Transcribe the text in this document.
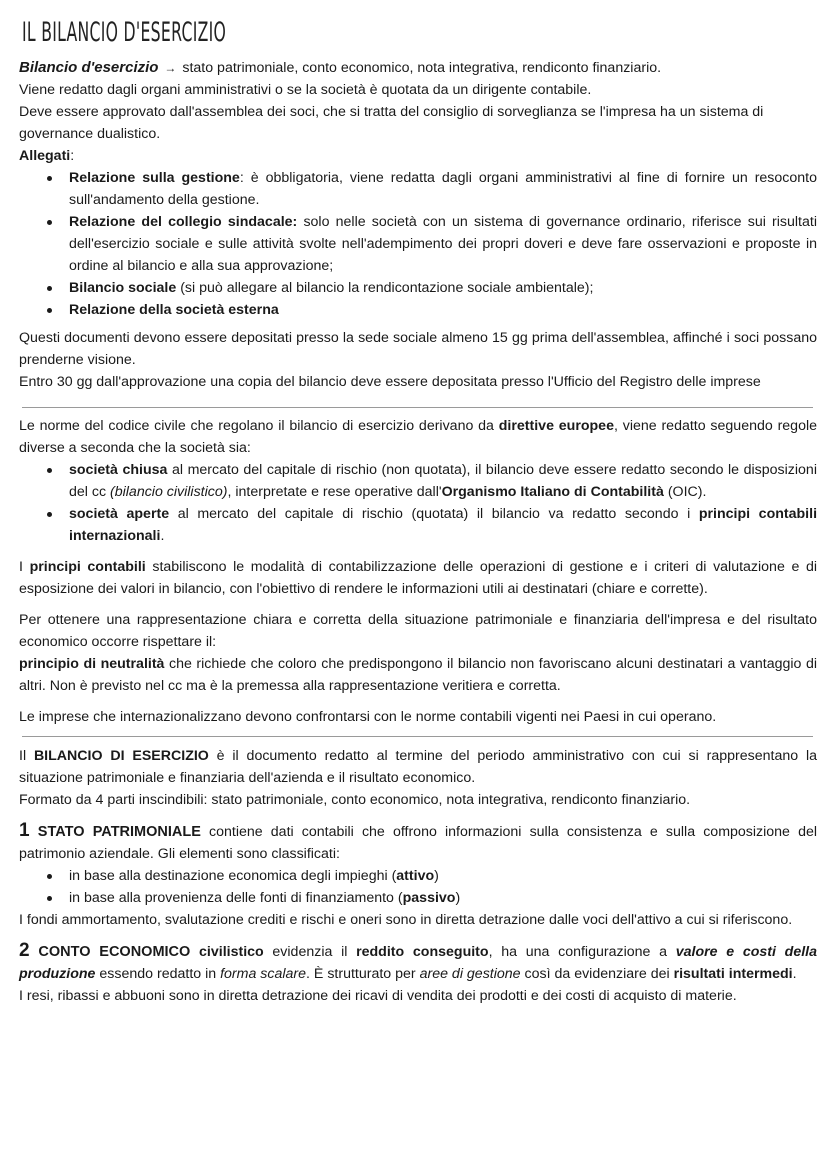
IL BILANCIO D'ESERCIZIO

Bilancio d'esercizio → stato patrimoniale, conto economico, nota integrativa, rendiconto finanziario.

Viene redatto dagli organi amministrativi o se la società è quotata da un dirigente contabile.

Deve essere approvato dall'assemblea dei soci, che si tratta del consiglio di sorveglianza se l'impresa ha un sistema di governance dualistico.

Allegati:

Relazione sulla gestione: è obbligatoria, viene redatta dagli organi amministrativi al fine di fornire un resoconto sull'andamento della gestione.
Relazione del collegio sindacale: solo nelle società con un sistema di governance ordinario, riferisce sui risultati dell'esercizio sociale e sulle attività svolte nell'adempimento dei propri doveri e deve fare osservazioni e proposte in ordine al bilancio e alla sua approvazione;
Bilancio sociale (si può allegare al bilancio la rendicontazione sociale ambientale);
Relazione della società esterna

Questi documenti devono essere depositati presso la sede sociale almeno 15 gg prima dell'assemblea, affinché i soci possano prenderne visione.

Entro 30 gg dall'approvazione una copia del bilancio deve essere depositata presso l'Ufficio del Registro delle imprese

Le norme del codice civile che regolano il bilancio di esercizio derivano da direttive europee, viene redatto seguendo regole diverse a seconda che la società sia:

società chiusa al mercato del capitale di rischio (non quotata), il bilancio deve essere redatto secondo le disposizioni del cc (bilancio civilistico), interpretate e rese operative dall'Organismo Italiano di Contabilità (OIC).
società aperte al mercato del capitale di rischio (quotata) il bilancio va redatto secondo i principi contabili internazionali.

I principi contabili stabiliscono le modalità di contabilizzazione delle operazioni di gestione e i criteri di valutazione e di esposizione dei valori in bilancio, con l'obiettivo di rendere le informazioni utili ai destinatari (chiare e corrette).

Per ottenere una rappresentazione chiara e corretta della situazione patrimoniale e finanziaria dell'impresa e del risultato economico occorre rispettare il:

principio di neutralità che richiede che coloro che predispongono il bilancio non favoriscano alcuni destinatari a vantaggio di altri. Non è previsto nel cc ma è la premessa alla rappresentazione veritiera e corretta.

Le imprese che internazionalizzano devono confrontarsi con le norme contabili vigenti nei Paesi in cui operano.

Il BILANCIO DI ESERCIZIO è il documento redatto al termine del periodo amministrativo con cui si rappresentano la situazione patrimoniale e finanziaria dell'azienda e il risultato economico.

Formato da 4 parti inscindibili: stato patrimoniale, conto economico, nota integrativa, rendiconto finanziario.

1 STATO PATRIMONIALE contiene dati contabili che offrono informazioni sulla consistenza e sulla composizione del patrimonio aziendale. Gli elementi sono classificati:

in base alla destinazione economica degli impieghi (attivo)
in base alla provenienza delle fonti di finanziamento (passivo)

I fondi ammortamento, svalutazione crediti e rischi e oneri sono in diretta detrazione dalle voci dell'attivo a cui si riferiscono.

2 CONTO ECONOMICO civilistico evidenzia il reddito conseguito, ha una configurazione a valore e costi della produzione essendo redatto in forma scalare. È strutturato per aree di gestione così da evidenziare dei risultati intermedi.

I resi, ribassi e abbuoni sono in diretta detrazione dei ricavi di vendita dei prodotti e dei costi di acquisto di materie.
